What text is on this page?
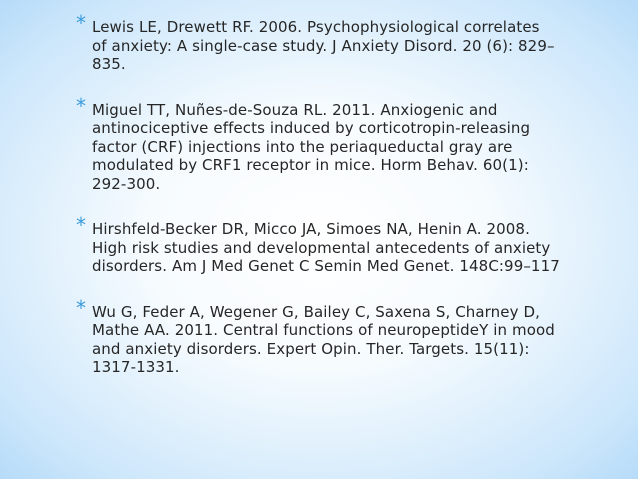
* Lewis LE, Drewett RF. 2006. Psychophysiological correlates
of anxiety: A single-case study. J Anxiety Disord. 20 (6): 829–
835.
* Miguel TT, Nuñes-de-Souza RL. 2011. Anxiogenic and
antinociceptive effects induced by corticotropin-releasing
factor (CRF) injections into the periaqueductal gray are
modulated by CRF1 receptor in mice. Horm Behav. 60(1):
292-300.
* Hirshfeld-Becker DR, Micco JA, Simoes NA, Henin A. 2008.
High risk studies and developmental antecedents of anxiety
disorders. Am J Med Genet C Semin Med Genet. 148C:99–117
* Wu G, Feder A, Wegener G, Bailey C, Saxena S, Charney D,
Mathe AA. 2011. Central functions of neuropeptideY in mood
and anxiety disorders. Expert Opin. Ther. Targets. 15(11):
1317-1331.
